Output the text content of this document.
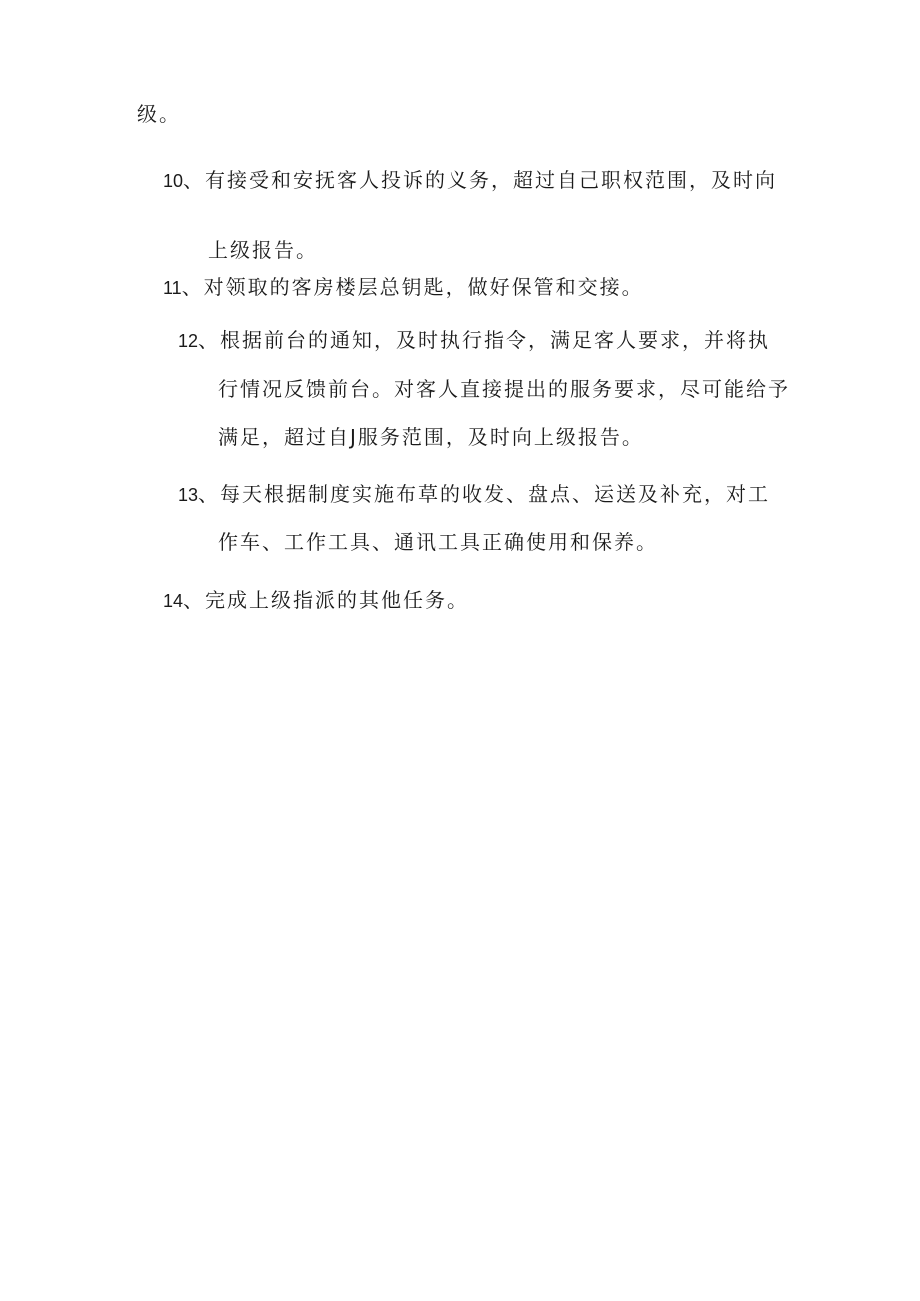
级。
10、有接受和安抚客人投诉的义务，超过自己职权范围，及时向
上级报告。
11、对领取的客房楼层总钥匙，做好保管和交接。
12、根据前台的通知，及时执行指令，满足客人要求，并将执
行情况反馈前台。对客人直接提出的服务要求，尽可能给予
满足，超过自J服务范围，及时向上级报告。
13、每天根据制度实施布草的收发、盘点、运送及补充，对工
作车、工作工具、通讯工具正确使用和保养。
14、完成上级指派的其他任务。
